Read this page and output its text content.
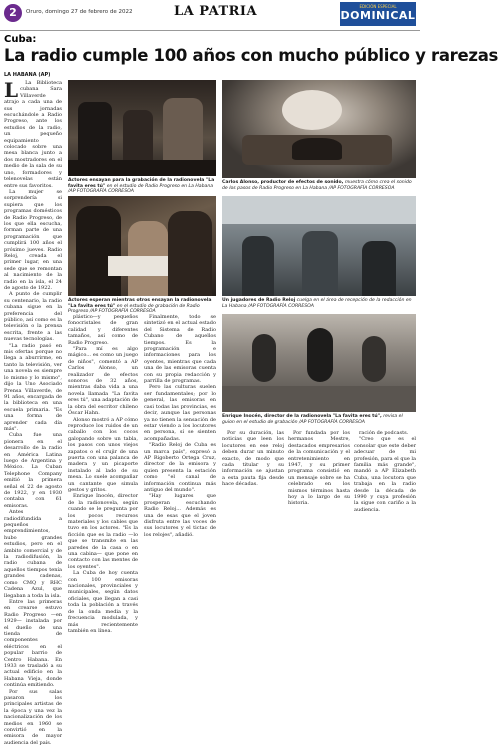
2	Oruro, domingo 27 de febrero de 2022	LA PATRIA	EDICIÓN ESPECIAL
DOMINICAL
Cuba:
La radio cumple 100 años con mucho público y rarezas
LA HABANA (AP)
L	La Biblioteca cubana Sara Villaverde atrajo a cada una de sus jornadas escuchándole a Radio Progreso, ante los estudios de la radio, un pequeño equipamiento colocado sobre una mesa blanca junto a dos mostradores en el medio de la sala de su uno, formadores y telenovelas están entre sus favoritos.

La mujer se sorprendería si supiera que los programas domésticos de Radio Progreso, de los que ella escucha, forman parte de una programación que cumplirá 100 años el próximo jueves. Radio Reloj, creada el primer lugar, en una sede que se remontan al nacimiento de la radio en la isla, el 24 de agosto de 1922.

A punto de cumplir su centenario, la radio cubana sigue en la preferencia del público, así como es la televisión o la prensa escrita, frente a las nuevas tecnologías.

"La radio pasó en mis ofertas porque no llega a aburrirme, en tanto la televisión, ver una novela es siempre lo mismo y lo mismo", dijo la Uno Asociado Prensa Villaverde, de 91 años, encargada de la biblioteca en una escuela primaria. "Es una forma de aprender cada día más".

Cuba fue una pionera en el desarrollo de la radio en América Latina luego de Argentina y México. La Cuban Telephone Company emitió la primera señal el 22 de agosto de 1922, y en 1930 contaba con 61 emisoras.

Antes radiodifundida a pequeños emprendimientos, hubo grandes estudios, pero en el ámbito comercial y de la radiodifusión, la radio cubana de aquellos tiempos tenía grandes cadenas, como CMQ y RHC Cadena Azul, que llegaban a toda la isla.

Entre las primeras en crearse estuvo Radio Progreso —en 1929— instalada por el dueño de una tienda de componentes eléctricos en el popular barrio de Centro Habana. En 1933 se trasladó a su actual edificio en la Habana Vieja, donde continúa emitiendo.

Por sus salas pasaron los principales artistas de la época y una vez la nacionalización de los medios en 1960 se convirtió en la emisora de mayor audiencia del país.

Actores ensayan para la grabación de la radionovela "La favita eres tú" en el estudio de Radio Progreso en La Habana /AP FOTOGRAFÍA CORRESOA
Carlos Alonso, productor de efectos de sonido, muestra cómo crea el sonido de los pasos de Radio Progreso en La Habana /AP FOTOGRAFÍA CORRESOA
Actores esperan mientras otros ensayan la radionovela "La favita eres tú" en el estudio de grabación de Radio Progreso /AP FOTOGRAFÍA CORRESOA
Un jugadores de Radio Reloj cuelga en el área de recepción de la redacción en La Habana /AP FOTOGRAFÍA CORRESOA

plástico—y pequeños fonocristales de gran calidad y diferentes tamaños, así como de Radio Progreso.

"Para mí es algo mágico... es como un juego de niños", comentó a AP Carlos Alonso, un realizador de efectos sonoros de 32 años, mientras daba vida a una novela llamada "La favita eres tú", una adaptación de la obra del escritor chileno Óscar Hahn.

Alonso mostró a AP cómo reproduce los ruidos de un caballo con los cocos galopando sobre un tabla, los pasos con unos viejos zapatos o el crujir de una puerta con una palanca de madera y un picaporte instalado al lado de su mesa. Lo suele acompañar un cantante que simula gestos y gritos.

Enrique Inocén, director de la radionovela, según cuando se le pregunta por los pocos recursos materiales y los cables que tuvo en los actores. "Es la ficción que es la radio —lo que se transmite en las paredes de la casa o en una cabina— que pone en contacto con las mentes de los oyentes".

La Cuba de hoy cuenta con 100 emisoras nacionales, provinciales y municipales, según datos oficiales, que llegan a casi toda la población a través de la onda media y la frecuencia modulada, y más recientemente también en línea.

Finalmente, todo se sintetizó en el actual estado del Sistema de Radio Cubano de aquellos tiempos. Es la programación e informaciones para los oyentes, mientras que cada una de las emisoras cuenta con su propia redacción y parrilla de programas.

Pero las culturas suelen ser fundamentales; por lo general, las emisoras en casi todas las provincias, es decir, aunque las personas ya no tienen la sensación de estar viendo a los locutores en persona, sí se sienten acompañadas.

"Radio Reloj de Cuba es un marca país", expresó a AP Rigoberto Ortega Cruz, director de la emisora y quien presenta la estación como "el canal de información continua más antiguo del mundo".

"Hay lugares que prosperan escuchando Radio Reloj... Además es una de esas que el joven disfruta entre las voces de sus locutores y el tictac de los relojes", añadió.

Enrique Inocén, director de la radionovela "La favita eres tú", revisa el guion en el estudio de grabación /AP FOTOGRAFÍA CORRESOA

Por su duración, las noticias que leen los locutores en ese reloj deben durar un minuto exacto, de modo que cada titular y su información se ajustan a esta pauta fija desde hace décadas.

Por fundada por los hermanos Mestre, destacados empresarios de la comunicación y el entretenimiento en 1947, y su primer programa consistió en un mensaje sobre se ha celebrado en los mismos términos hasta hoy a lo largo de su historia.

ración de podcasts.

"Creo que es el consolar que este deber adecuar de mi profesión, para el que la familia más grande", mandó a AP Elizabeth Cuba, una locutora que trabaja en la radio desde la década de 1990 y cuya profesión la sigue con cariño a la audiencia.
